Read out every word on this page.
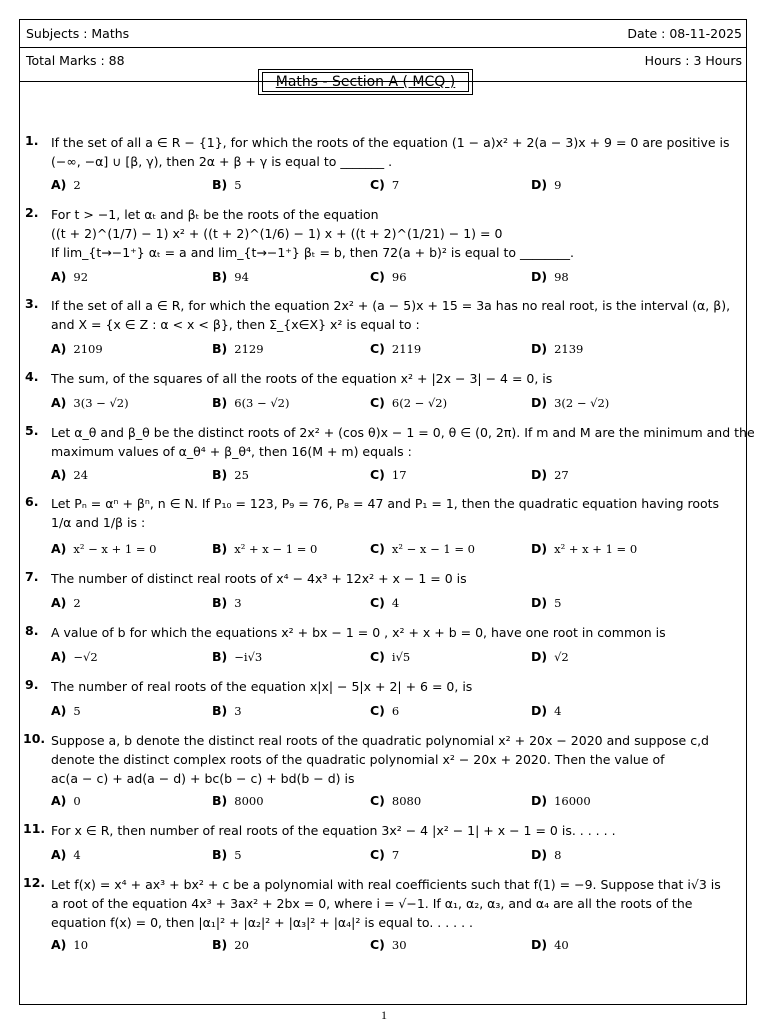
Subjects : Maths	Date : 08-11-2025
Total Marks : 88	Hours : 3 Hours
Maths - Section A ( MCQ )
1. If the set of all a ∈ R − {1}, for which the roots of the equation (1 − a)x² + 2(a − 3)x + 9 = 0 are positive is
(−∞, −α] ∪ [β, γ), then 2α + β + γ is equal to _______ .
A) 2	B) 5	C) 7	D) 9
2. For t > −1, let αₜ and βₜ be the roots of the equation
((t + 2)^(1/7) − 1) x² + ((t + 2)^(1/6) − 1) x + ((t + 2)^(1/21) − 1) = 0
If lim_{t→−1⁺} αₜ = a and lim_{t→−1⁺} βₜ = b, then 72(a + b)² is equal to ________.
A) 92	B) 94	C) 96	D) 98
3. If the set of all a ∈ R, for which the equation 2x² + (a − 5)x + 15 = 3a has no real root, is the interval (α, β),
and X = {x ∈ Z : α < x < β}, then Σ_{x∈X} x² is equal to :
A) 2109	B) 2129	C) 2119	D) 2139
4. The sum, of the squares of all the roots of the equation x² + |2x − 3| − 4 = 0, is
A) 3(3 − √2)	B) 6(3 − √2)	C) 6(2 − √2)	D) 3(2 − √2)
5. Let α_θ and β_θ be the distinct roots of 2x² + (cos θ)x − 1 = 0, θ ∈ (0, 2π). If m and M are the minimum and the
maximum values of α_θ⁴ + β_θ⁴, then 16(M + m) equals :
A) 24	B) 25	C) 17	D) 27
6. Let Pₙ = αⁿ + βⁿ, n ∈ N. If P₁₀ = 123, P₉ = 76, P₈ = 47 and P₁ = 1, then the quadratic equation having roots
1/α and 1/β is :
A) x² − x + 1 = 0	B) x² + x − 1 = 0	C) x² − x − 1 = 0	D) x² + x + 1 = 0
7. The number of distinct real roots of x⁴ − 4x³ + 12x² + x − 1 = 0 is
A) 2	B) 3	C) 4	D) 5
8. A value of b for which the equations x² + bx − 1 = 0 , x² + x + b = 0, have one root in common is
A) −√2	B) −i√3	C) i√5	D) √2
9. The number of real roots of the equation x|x| − 5|x + 2| + 6 = 0, is
A) 5	B) 3	C) 6	D) 4
10. Suppose a, b denote the distinct real roots of the quadratic polynomial x² + 20x − 2020 and suppose c,d
denote the distinct complex roots of the quadratic polynomial x² − 20x + 2020. Then the value of
ac(a − c) + ad(a − d) + bc(b − c) + bd(b − d) is
A) 0	B) 8000	C) 8080	D) 16000
11. For x ∈ R, then number of real roots of the equation 3x² − 4 |x² − 1| + x − 1 = 0 is. . . . . .
A) 4	B) 5	C) 7	D) 8
12. Let f(x) = x⁴ + ax³ + bx² + c be a polynomial with real coefficients such that f(1) = −9. Suppose that i√3 is
a root of the equation 4x³ + 3ax² + 2bx = 0, where i = √−1. If α₁, α₂, α₃, and α₄ are all the roots of the
equation f(x) = 0, then |α₁|² + |α₂|² + |α₃|² + |α₄|² is equal to. . . . . .
A) 10	B) 20	C) 30	D) 40
1
